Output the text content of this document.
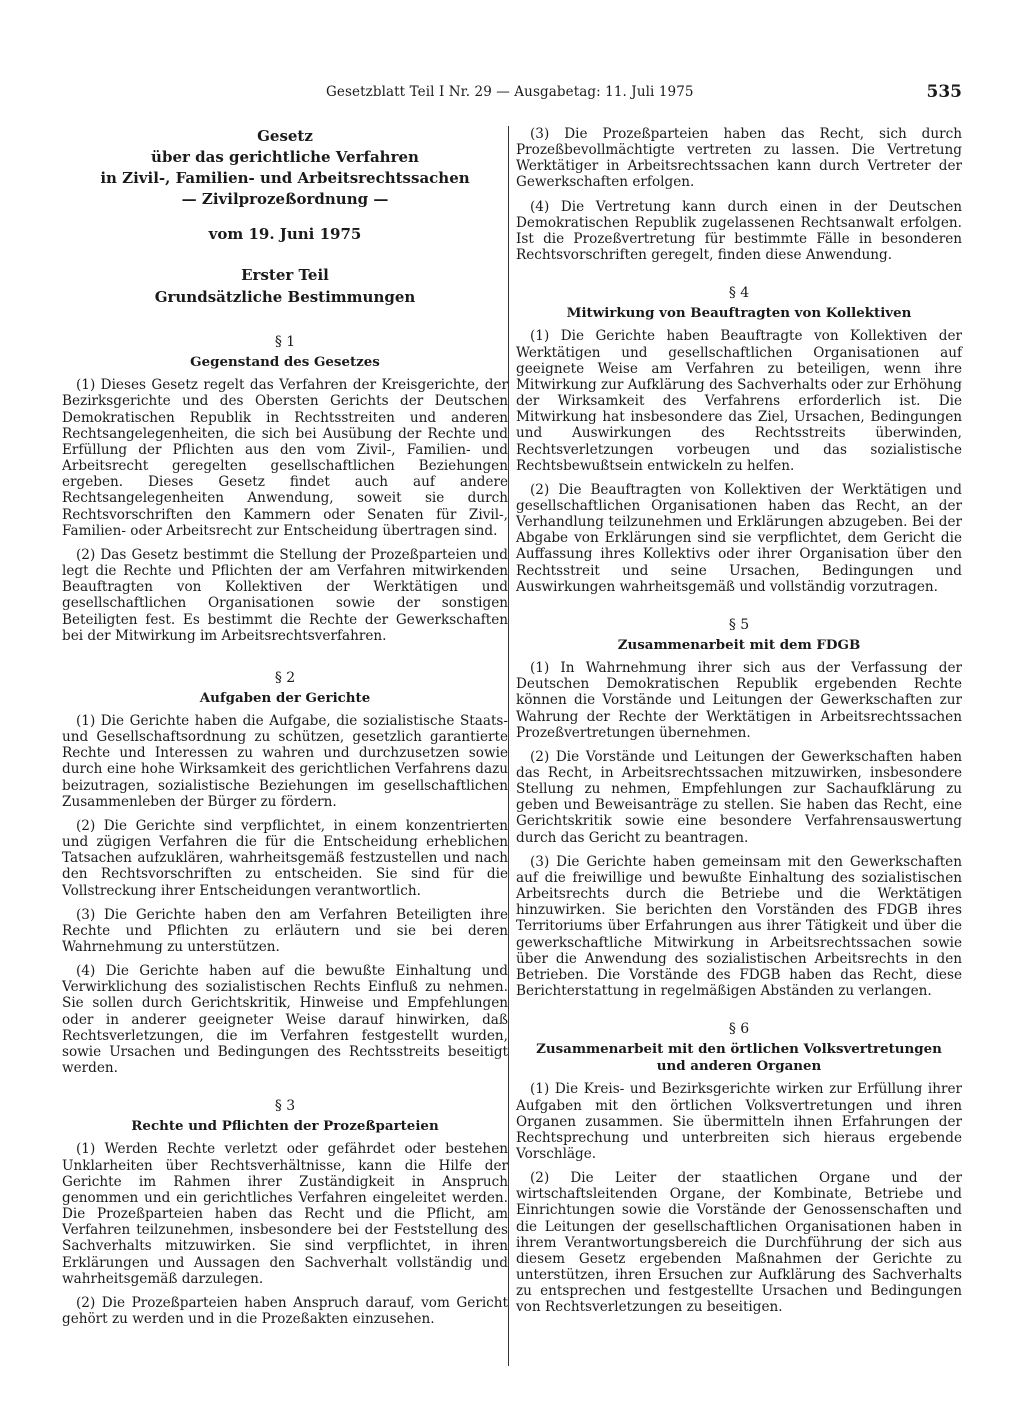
Gesetzblatt Teil I Nr. 29 — Ausgabetag: 11. Juli 1975	535
Gesetz
über das gerichtliche Verfahren
in Zivil-, Familien- und Arbeitsrechtssachen
— Zivilprozeßordnung —
vom 19. Juni 1975
Erster Teil
Grundsätzliche Bestimmungen
§ 1
Gegenstand des Gesetzes

(1) Dieses Gesetz regelt das Verfahren der Kreisgerichte, der Bezirksgerichte und des Obersten Gerichts der Deutschen Demokratischen Republik in Rechtsstreiten und anderen Rechtsangelegenheiten, die sich bei Ausübung der Rechte und Erfüllung der Pflichten aus den vom Zivil-, Familien- und Arbeitsrecht geregelten gesellschaftlichen Beziehungen ergeben. Dieses Gesetz findet auch auf andere Rechtsangelegenheiten Anwendung, soweit sie durch Rechtsvorschriften den Kammern oder Senaten für Zivil-, Familien- oder Arbeitsrecht zur Entscheidung übertragen sind.

(2) Das Gesetz bestimmt die Stellung der Prozeßparteien und legt die Rechte und Pflichten der am Verfahren mitwirkenden Beauftragten von Kollektiven der Werktätigen und gesellschaftlichen Organisationen sowie der sonstigen Beteiligten fest. Es bestimmt die Rechte der Gewerkschaften bei der Mitwirkung im Arbeitsrechtsverfahren.

§ 2
Aufgaben der Gerichte

(1) Die Gerichte haben die Aufgabe, die sozialistische Staats- und Gesellschaftsordnung zu schützen, gesetzlich garantierte Rechte und Interessen zu wahren und durchzusetzen sowie durch eine hohe Wirksamkeit des gerichtlichen Verfahrens dazu beizutragen, sozialistische Beziehungen im gesellschaftlichen Zusammenleben der Bürger zu fördern.

(2) Die Gerichte sind verpflichtet, in einem konzentrierten und zügigen Verfahren die für die Entscheidung erheblichen Tatsachen aufzuklären, wahrheitsgemäß festzustellen und nach den Rechtsvorschriften zu entscheiden. Sie sind für die Vollstreckung ihrer Entscheidungen verantwortlich.

(3) Die Gerichte haben den am Verfahren Beteiligten ihre Rechte und Pflichten zu erläutern und sie bei deren Wahrnehmung zu unterstützen.

(4) Die Gerichte haben auf die bewußte Einhaltung und Verwirklichung des sozialistischen Rechts Einfluß zu nehmen. Sie sollen durch Gerichtskritik, Hinweise und Empfehlungen oder in anderer geeigneter Weise darauf hinwirken, daß Rechtsverletzungen, die im Verfahren festgestellt wurden, sowie Ursachen und Bedingungen des Rechtsstreits beseitigt werden.

§ 3
Rechte und Pflichten der Prozeßparteien

(1) Werden Rechte verletzt oder gefährdet oder bestehen Unklarheiten über Rechtsverhältnisse, kann die Hilfe der Gerichte im Rahmen ihrer Zuständigkeit in Anspruch genommen und ein gerichtliches Verfahren eingeleitet werden. Die Prozeßparteien haben das Recht und die Pflicht, am Verfahren teilzunehmen, insbesondere bei der Feststellung des Sachverhalts mitzuwirken. Sie sind verpflichtet, in ihren Erklärungen und Aussagen den Sachverhalt vollständig und wahrheitsgemäß darzulegen.

(2) Die Prozeßparteien haben Anspruch darauf, vom Gericht gehört zu werden und in die Prozeßakten einzusehen.

(3) Die Prozeßparteien haben das Recht, sich durch Prozeßbevollmächtigte vertreten zu lassen. Die Vertretung Werktätiger in Arbeitsrechtssachen kann durch Vertreter der Gewerkschaften erfolgen.

(4) Die Vertretung kann durch einen in der Deutschen Demokratischen Republik zugelassenen Rechtsanwalt erfolgen. Ist die Prozeßvertretung für bestimmte Fälle in besonderen Rechtsvorschriften geregelt, finden diese Anwendung.

§ 4
Mitwirkung von Beauftragten von Kollektiven

(1) Die Gerichte haben Beauftragte von Kollektiven der Werktätigen und gesellschaftlichen Organisationen auf geeignete Weise am Verfahren zu beteiligen, wenn ihre Mitwirkung zur Aufklärung des Sachverhalts oder zur Erhöhung der Wirksamkeit des Verfahrens erforderlich ist. Die Mitwirkung hat insbesondere das Ziel, Ursachen, Bedingungen und Auswirkungen des Rechtsstreits überwinden, Rechtsverletzungen vorbeugen und das sozialistische Rechtsbewußtsein entwickeln zu helfen.

(2) Die Beauftragten von Kollektiven der Werktätigen und gesellschaftlichen Organisationen haben das Recht, an der Verhandlung teilzunehmen und Erklärungen abzugeben. Bei der Abgabe von Erklärungen sind sie verpflichtet, dem Gericht die Auffassung ihres Kollektivs oder ihrer Organisation über den Rechtsstreit und seine Ursachen, Bedingungen und Auswirkungen wahrheitsgemäß und vollständig vorzutragen.

§ 5
Zusammenarbeit mit dem FDGB

(1) In Wahrnehmung ihrer sich aus der Verfassung der Deutschen Demokratischen Republik ergebenden Rechte können die Vorstände und Leitungen der Gewerkschaften zur Wahrung der Rechte der Werktätigen in Arbeitsrechtssachen Prozeßvertretungen übernehmen.

(2) Die Vorstände und Leitungen der Gewerkschaften haben das Recht, in Arbeitsrechtssachen mitzuwirken, insbesondere Stellung zu nehmen, Empfehlungen zur Sachaufklärung zu geben und Beweisanträge zu stellen. Sie haben das Recht, eine Gerichtskritik sowie eine besondere Verfahrensauswertung durch das Gericht zu beantragen.

(3) Die Gerichte haben gemeinsam mit den Gewerkschaften auf die freiwillige und bewußte Einhaltung des sozialistischen Arbeitsrechts durch die Betriebe und die Werktätigen hinzuwirken. Sie berichten den Vorständen des FDGB ihres Territoriums über Erfahrungen aus ihrer Tätigkeit und über die gewerkschaftliche Mitwirkung in Arbeitsrechtssachen sowie über die Anwendung des sozialistischen Arbeitsrechts in den Betrieben. Die Vorstände des FDGB haben das Recht, diese Berichterstattung in regelmäßigen Abständen zu verlangen.

§ 6
Zusammenarbeit mit den örtlichen Volksvertretungen
und anderen Organen

(1) Die Kreis- und Bezirksgerichte wirken zur Erfüllung ihrer Aufgaben mit den örtlichen Volksvertretungen und ihren Organen zusammen. Sie übermitteln ihnen Erfahrungen der Rechtsprechung und unterbreiten sich hieraus ergebende Vorschläge.

(2) Die Leiter der staatlichen Organe und der wirtschaftsleitenden Organe, der Kombinate, Betriebe und Einrichtungen sowie die Vorstände der Genossenschaften und die Leitungen der gesellschaftlichen Organisationen haben in ihrem Verantwortungsbereich die Durchführung der sich aus diesem Gesetz ergebenden Maßnahmen der Gerichte zu unterstützen, ihren Ersuchen zur Aufklärung des Sachverhalts zu entsprechen und festgestellte Ursachen und Bedingungen von Rechtsverletzungen zu beseitigen.
